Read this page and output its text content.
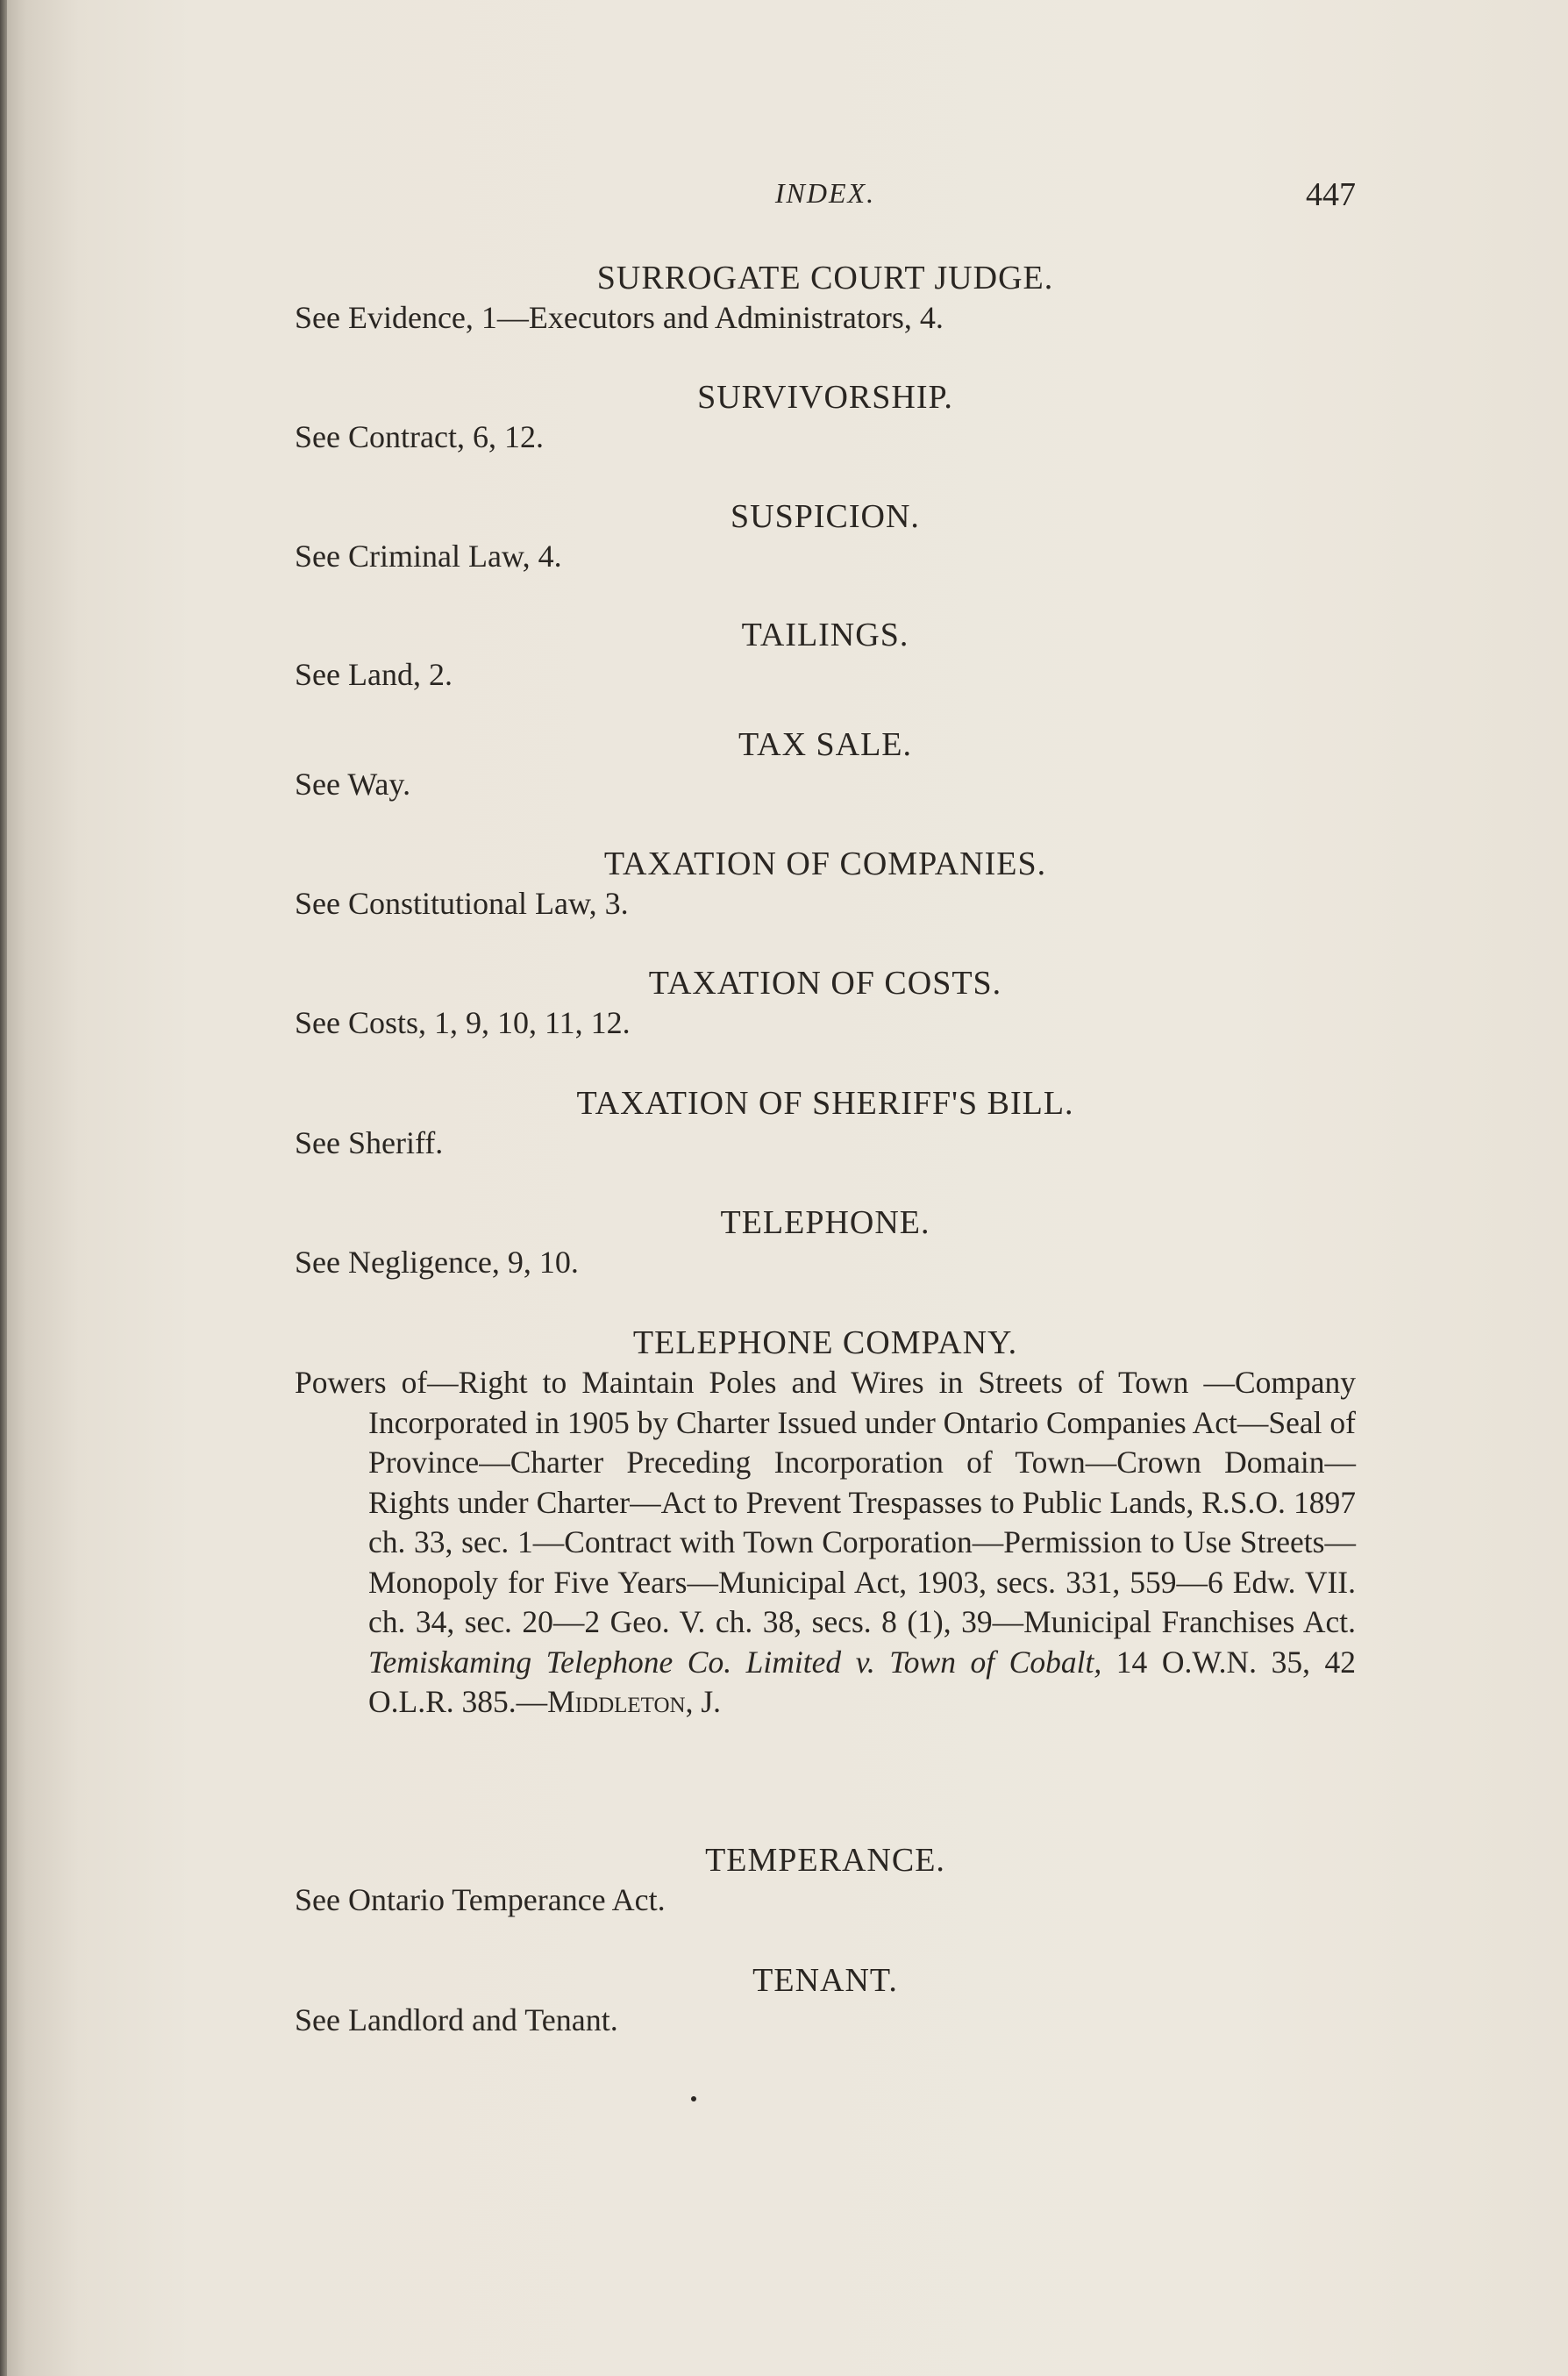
INDEX.	447
SURROGATE COURT JUDGE.
See Evidence, 1—Executors and Administrators, 4.
SURVIVORSHIP.
See Contract, 6, 12.
SUSPICION.
See Criminal Law, 4.
TAILINGS.
See Land, 2.
TAX SALE.
See Way.
TAXATION OF COMPANIES.
See Constitutional Law, 3.
TAXATION OF COSTS.
See Costs, 1, 9, 10, 11, 12.
TAXATION OF SHERIFF'S BILL.
See Sheriff.
TELEPHONE.
See Negligence, 9, 10.
TELEPHONE COMPANY.
Powers of—Right to Maintain Poles and Wires in Streets of Town —Company Incorporated in 1905 by Charter Issued under Ontario Companies Act—Seal of Province—Charter Preceding Incorporation of Town—Crown Domain—Rights under Charter—Act to Prevent Trespasses to Public Lands, R.S.O. 1897 ch. 33, sec. 1—Contract with Town Corporation—Permission to Use Streets—Monopoly for Five Years—Municipal Act, 1903, secs. 331, 559—6 Edw. VII. ch. 34, sec. 20—2 Geo. V. ch. 38, secs. 8 (1), 39—Municipal Franchises Act. Temiskaming Telephone Co. Limited v. Town of Cobalt, 14 O.W.N. 35, 42 O.L.R. 385.—Middleton, J.
TEMPERANCE.
See Ontario Temperance Act.
TENANT.
See Landlord and Tenant.
